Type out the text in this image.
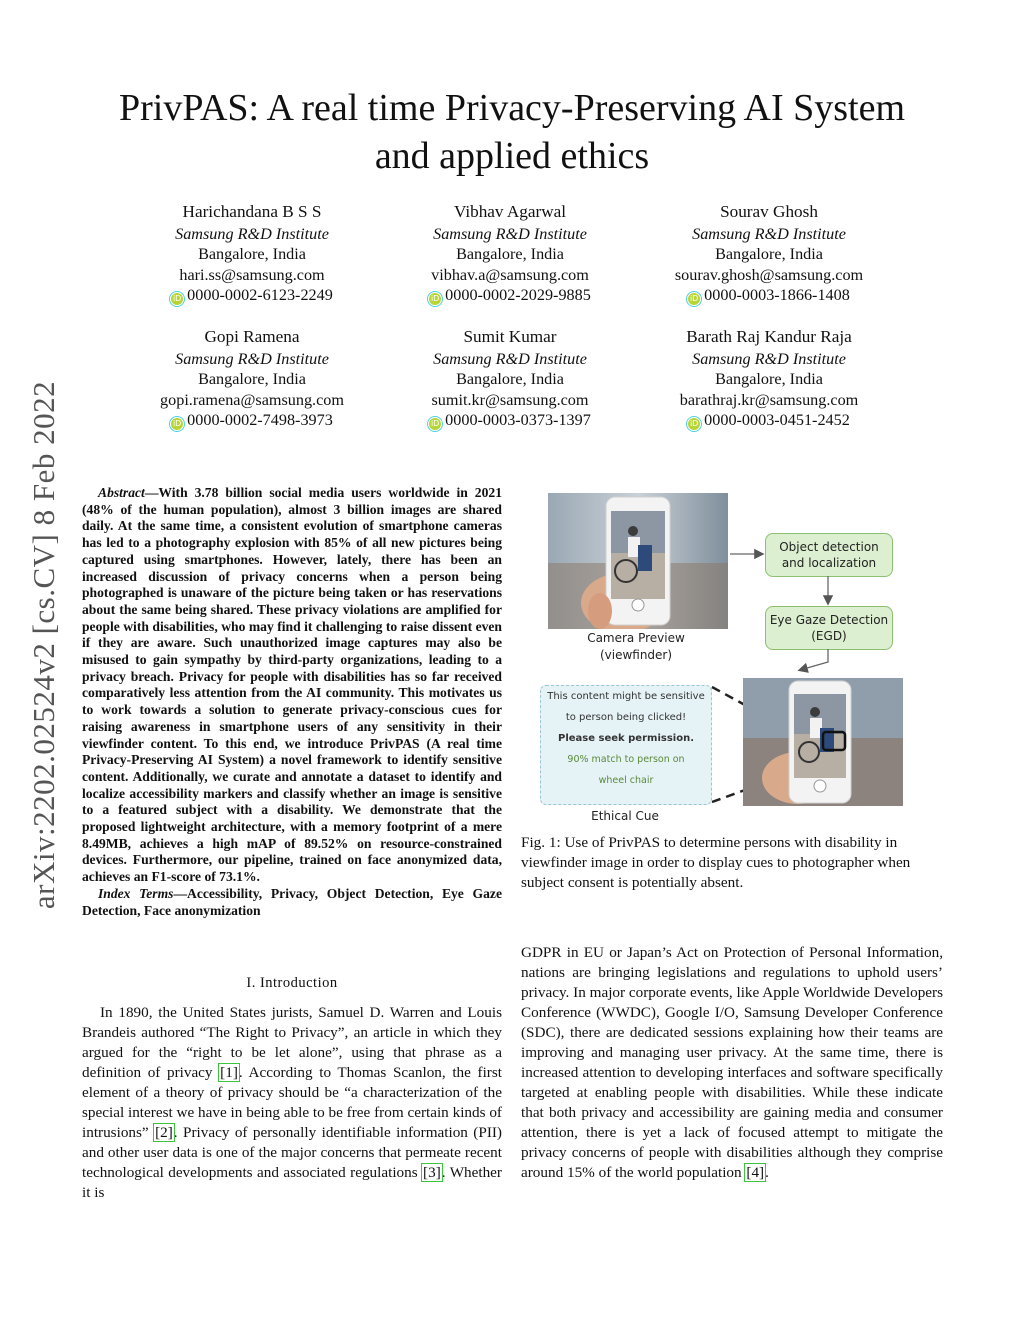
arXiv:2202.02524v2 [cs.CV] 8 Feb 2022
PrivPAS: A real time Privacy-Preserving AI System
and applied ethics
Harichandana B S S
Samsung R&D Institute
Bangalore, India
hari.ss@samsung.com
iD 0000-0002-6123-2249
Vibhav Agarwal
Samsung R&D Institute
Bangalore, India
vibhav.a@samsung.com
iD 0000-0002-2029-9885
Sourav Ghosh
Samsung R&D Institute
Bangalore, India
sourav.ghosh@samsung.com
iD 0000-0003-1866-1408
Gopi Ramena
Samsung R&D Institute
Bangalore, India
gopi.ramena@samsung.com
iD 0000-0002-7498-3973
Sumit Kumar
Samsung R&D Institute
Bangalore, India
sumit.kr@samsung.com
iD 0000-0003-0373-1397
Barath Raj Kandur Raja
Samsung R&D Institute
Bangalore, India
barathraj.kr@samsung.com
iD 0000-0003-0451-2452

Abstract—With 3.78 billion social media users worldwide in 2021 (48% of the human population), almost 3 billion images are shared daily. At the same time, a consistent evolution of smartphone cameras has led to a photography explosion with 85% of all new pictures being captured using smartphones. However, lately, there has been an increased discussion of privacy concerns when a person being photographed is unaware of the picture being taken or has reservations about the same being shared. These privacy violations are amplified for people with disabilities, who may find it challenging to raise dissent even if they are aware. Such unauthorized image captures may also be misused to gain sympathy by third-party organizations, leading to a privacy breach. Privacy for people with disabilities has so far received comparatively less attention from the AI community. This motivates us to work towards a solution to generate privacy-conscious cues for raising awareness in smartphone users of any sensitivity in their viewfinder content. To this end, we introduce PrivPAS (A real time Privacy-Preserving AI System) a novel framework to identify sensitive content. Additionally, we curate and annotate a dataset to identify and localize accessibility markers and classify whether an image is sensitive to a featured subject with a disability. We demonstrate that the proposed lightweight architecture, with a memory footprint of a mere 8.49MB, achieves a high mAP of 89.52% on resource-constrained devices. Furthermore, our pipeline, trained on face anonymized data, achieves an F1-score of 73.1%.

Index Terms—Accessibility, Privacy, Object Detection, Eye Gaze Detection, Face anonymization

I. Introduction

In 1890, the United States jurists, Samuel D. Warren and Louis Brandeis authored “The Right to Privacy”, an article in which they argued for the “right to be let alone”, using that phrase as a definition of privacy [1]. According to Thomas Scanlon, the first element of a theory of privacy should be “a characterization of the special interest we have in being able to be free from certain kinds of intrusions” [2]. Privacy of personally identifiable information (PII) and other user data is one of the major concerns that permeate recent technological developments and associated regulations [3]. Whether it is

GDPR in EU or Japan’s Act on Protection of Personal Information, nations are bringing legislations and regulations to uphold users’ privacy. In major corporate events, like Apple Worldwide Developers Conference (WWDC), Google I/O, Samsung Developer Conference (SDC), there are dedicated sessions explaining how their teams are improving and managing user privacy. At the same time, there is increased attention to developing interfaces and software specifically targeted at enabling people with disabilities. While these indicate that both privacy and accessibility are gaining media and consumer attention, there is yet a lack of focused attempt to mitigate the privacy concerns of people with disabilities although they comprise around 15% of the world population [4].

Camera Preview
(viewfinder)
Object detection
and localization
Eye Gaze Detection
(EGD)
This content might be sensitive
to person being clicked!
Please seek permission.
90% match to person on
wheel chair
Ethical Cue

Fig. 1: Use of PrivPAS to determine persons with disability in viewfinder image in order to display cues to photographer when subject consent is potentially absent.
